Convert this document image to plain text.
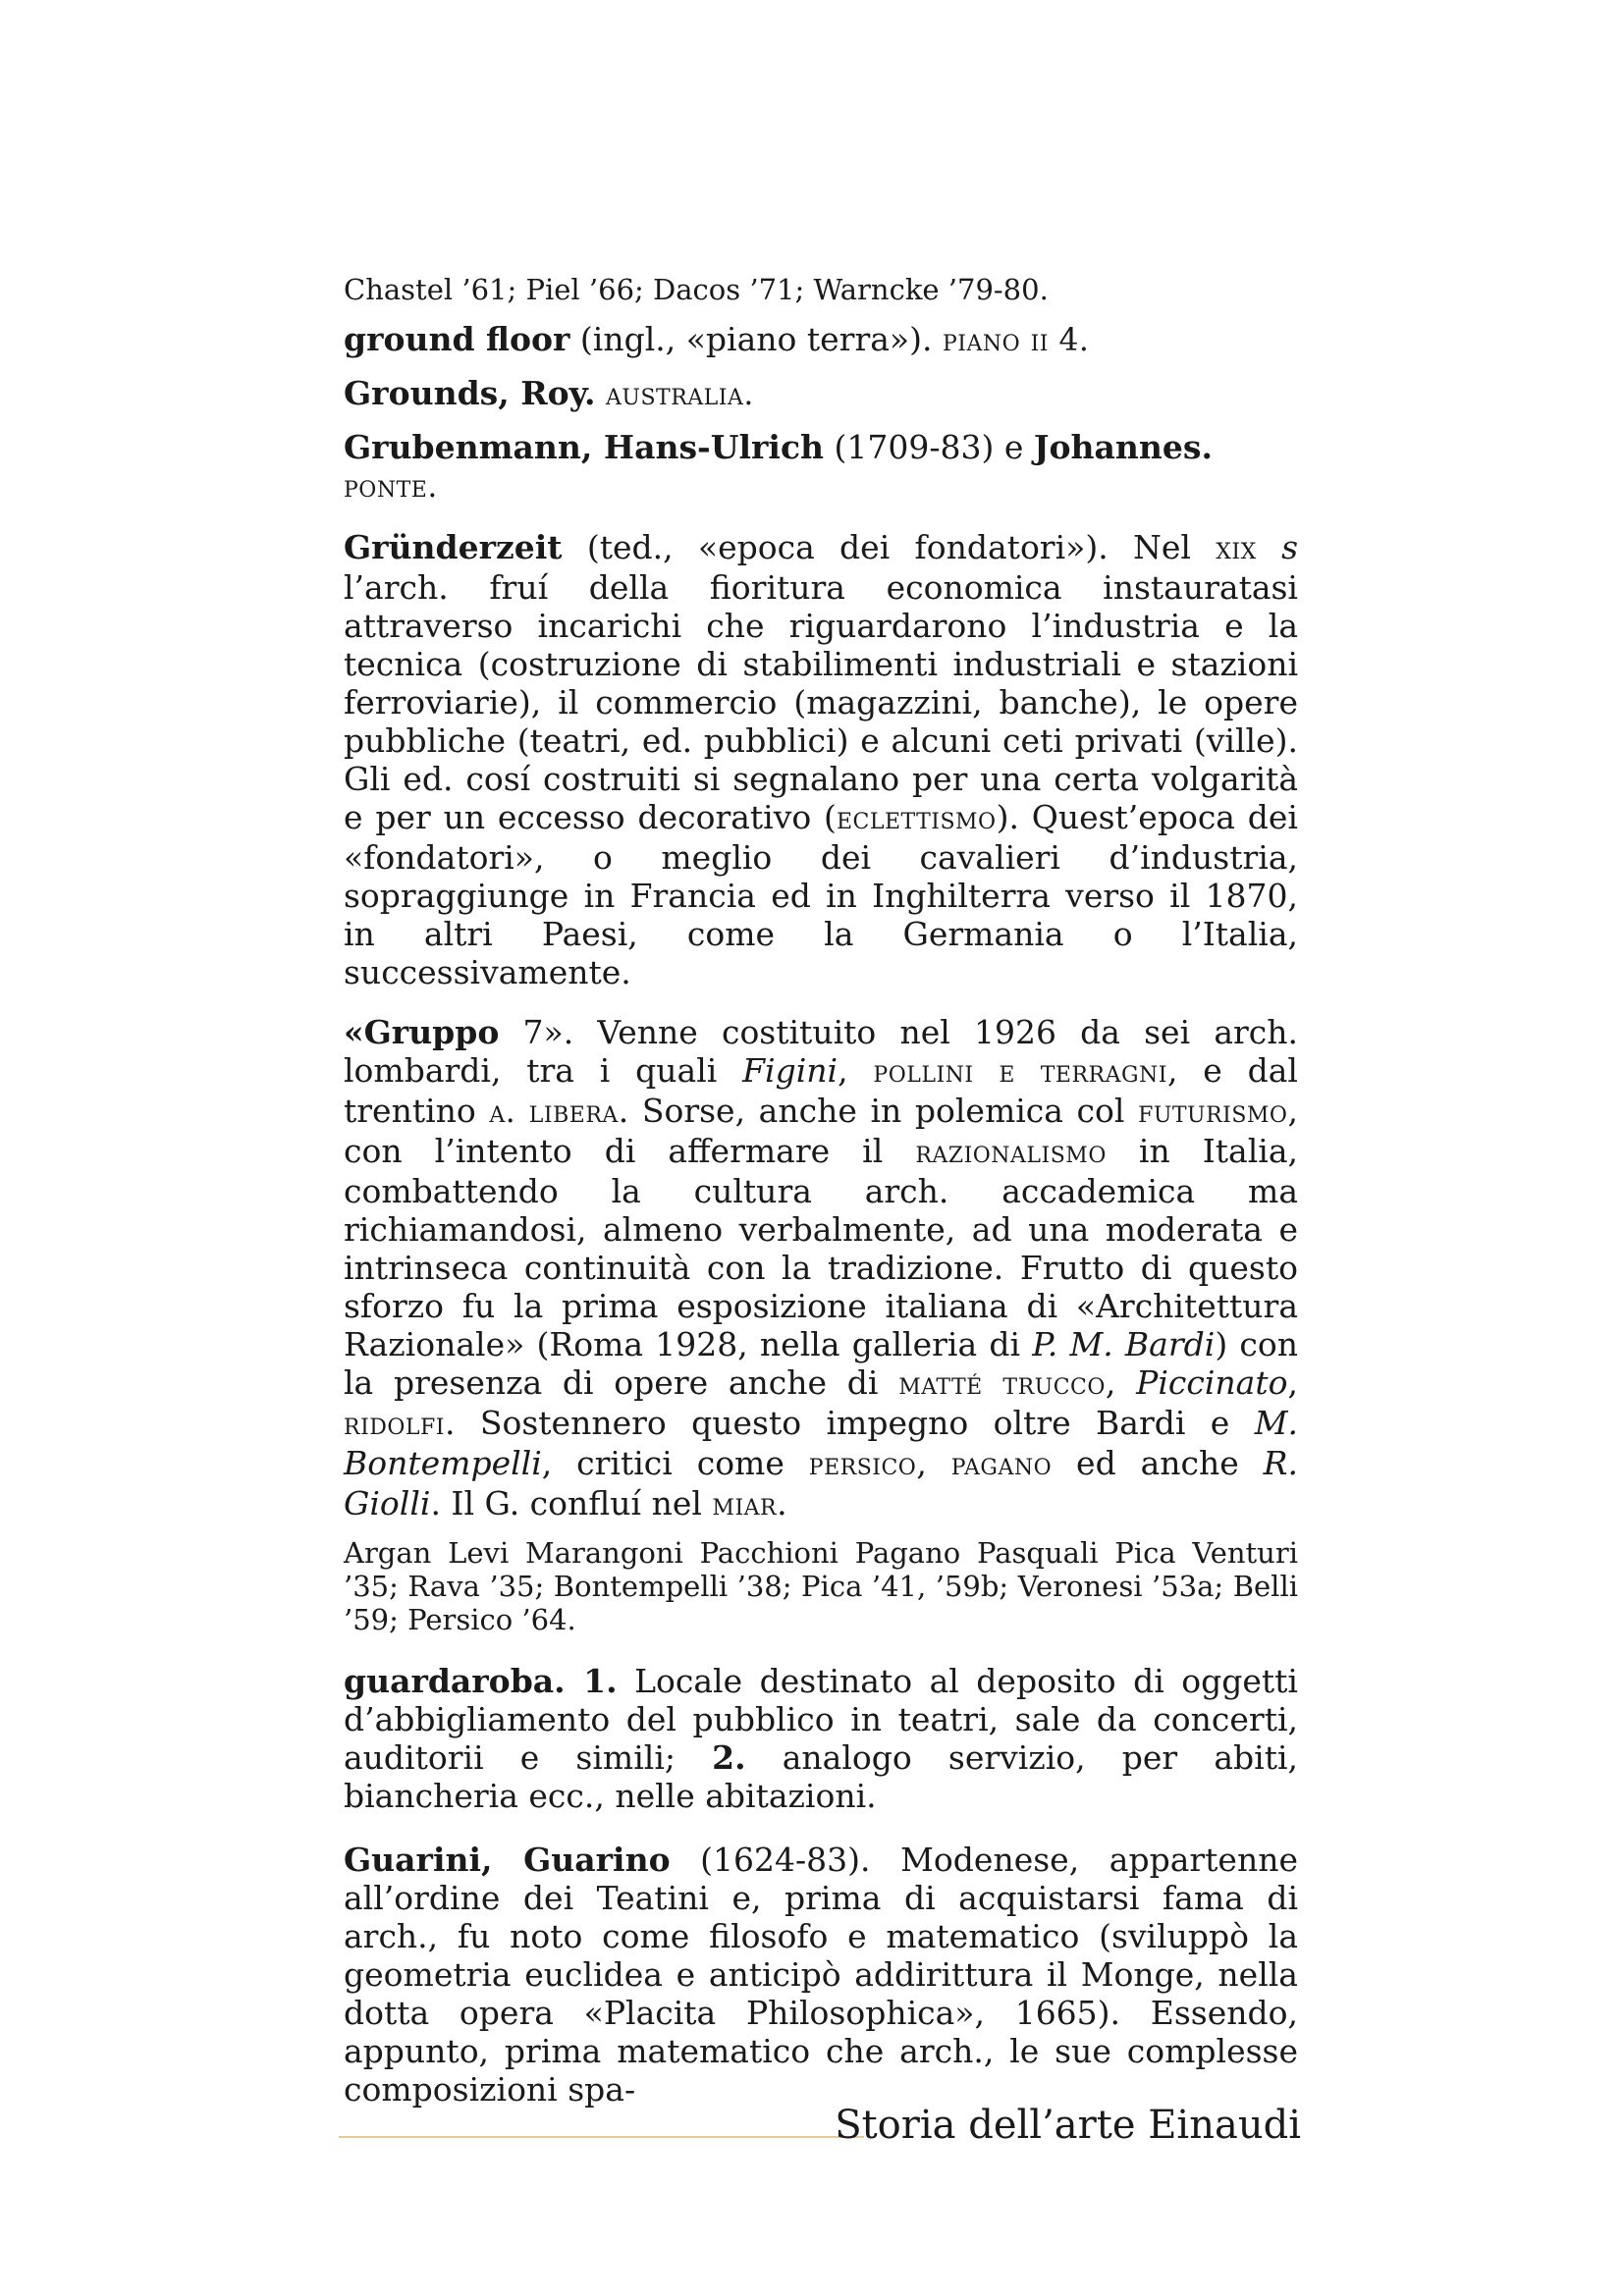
Chastel ’61; Piel ’66; Dacos ’71; Warncke ’79-80.

ground floor (ingl., «piano terra»). piano ii 4.

Grounds, Roy. australia.

Grubenmann, Hans-Ulrich (1709-83) e Johannes. ponte.

Gründerzeit (ted., «epoca dei fondatori»). Nel xix s l’arch. fruí della fioritura economica instauratasi attraverso incarichi che riguardarono l’industria e la tecnica (costruzione di stabilimenti industriali e stazioni ferroviarie), il commercio (magazzini, banche), le opere pubbliche (teatri, ed. pubblici) e alcuni ceti privati (ville). Gli ed. cosí costruiti si segnalano per una certa volgarità e per un eccesso decorativo (eclettismo). Quest’epoca dei «fondatori», o meglio dei cavalieri d’industria, sopraggiunge in Francia ed in Inghilterra verso il 1870, in altri Paesi, come la Germania o l’Italia, successivamente.

«Gruppo 7». Venne costituito nel 1926 da sei arch. lombardi, tra i quali Figini, pollini e terragni, e dal trentino a. libera. Sorse, anche in polemica col futurismo, con l’intento di affermare il razionalismo in Italia, combattendo la cultura arch. accademica ma richiamandosi, almeno verbalmente, ad una moderata e intrinseca continuità con la tradizione. Frutto di questo sforzo fu la prima esposizione italiana di «Architettura Razionale» (Roma 1928, nella galleria di P. M. Bardi) con la presenza di opere anche di matté trucco, Piccinato, ridolfi. Sostennero questo impegno oltre Bardi e M. Bontempelli, critici come persico, pagano ed anche R. Giolli. Il G. confluí nel miar.

Argan Levi Marangoni Pacchioni Pagano Pasquali Pica Venturi ’35; Rava ’35; Bontempelli ’38; Pica ’41, ’59b; Veronesi ’53a; Belli ’59; Persico ’64.

guardaroba. 1. Locale destinato al deposito di oggetti d’abbigliamento del pubblico in teatri, sale da concerti, auditorii e simili; 2. analogo servizio, per abiti, biancheria ecc., nelle abitazioni.

Guarini, Guarino (1624-83). Modenese, appartenne all’ordine dei Teatini e, prima di acquistarsi fama di arch., fu noto come filosofo e matematico (sviluppò la geometria euclidea e anticipò addirittura il Monge, nella dotta opera «Placita Philosophica», 1665). Essendo, appunto, prima matematico che arch., le sue complesse composizioni spa-

Storia dell’arte Einaudi
